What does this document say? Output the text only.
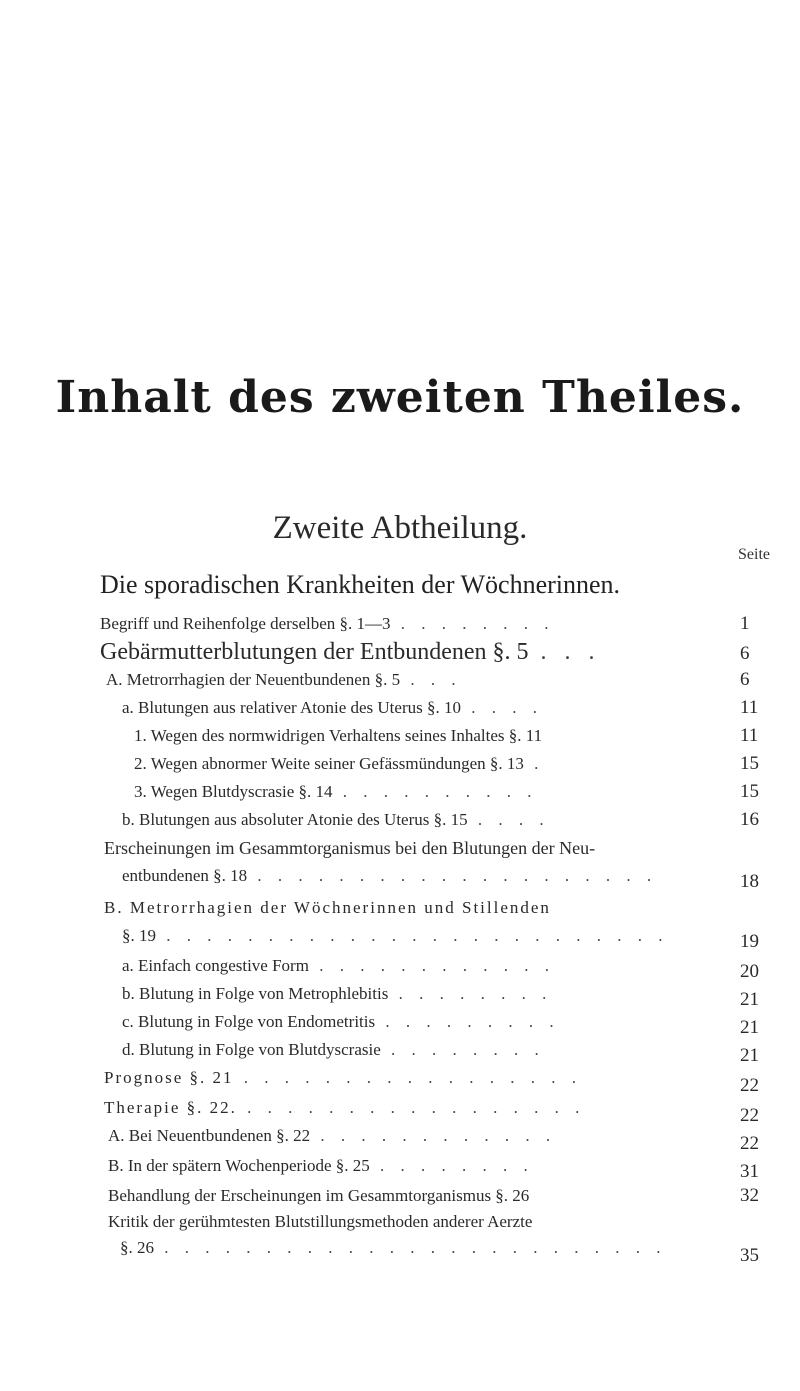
Inhalt des zweiten Theiles.
Zweite Abtheilung.
Seite
Die sporadischen Krankheiten der Wöchnerinnen.
Begriff und Reihenfolge derselben §. 1—3 . . . . . . . .	1
Gebärmutterblutungen der Entbundenen §. 5 . . .	6
A. Metrorrhagien der Neuentbundenen §. 5 . . .	6
a. Blutungen aus relativer Atonie des Uterus §. 10 . . . .	11
1. Wegen des normwidrigen Verhaltens seines Inhaltes §. 11	11
2. Wegen abnormer Weite seiner Gefässmündungen §. 13 .	15
3. Wegen Blutdyscrasie §. 14 . . . . . . . . . .	15
b. Blutungen aus absoluter Atonie des Uterus §. 15 . . . .	16
Erscheinungen im Gesammtorganismus bei den Blutungen der Neu-
entbundenen §. 18 . . . . . . . . . . . . . . . . . . . .	18
B. Metrorrhagien der Wöchnerinnen und Stillenden
§. 19 . . . . . . . . . . . . . . . . . . . . . . . . .	19
a. Einfach congestive Form . . . . . . . . . . . .	20
b. Blutung in Folge von Metrophlebitis . . . . . . . .	21
c. Blutung in Folge von Endometritis . . . . . . . . .	21
d. Blutung in Folge von Blutdyscrasie . . . . . . . .	21
Prognose §. 21 . . . . . . . . . . . . . . . . .	22
Therapie §. 22. . . . . . . . . . . . . . . . . .	22
A. Bei Neuentbundenen §. 22 . . . . . . . . . . . .	22
B. In der spätern Wochenperiode §. 25 . . . . . . . .	31
Behandlung der Erscheinungen im Gesammtorganismus §. 26	32
Kritik der gerühmtesten Blutstillungsmethoden anderer Aerzte
§. 26 . . . . . . . . . . . . . . . . . . . . . . . . .	35
